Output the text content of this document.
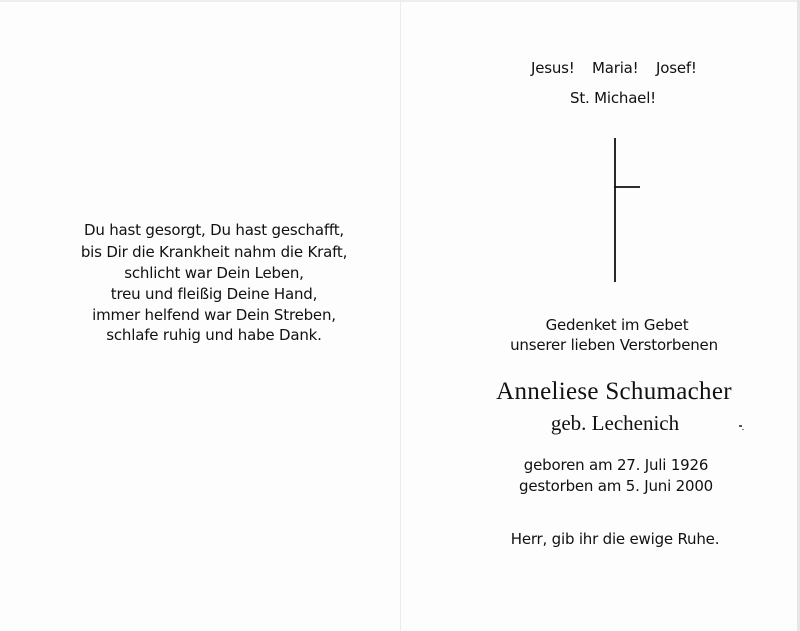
Du hast gesorgt, Du hast geschafft,
bis Dir die Krankheit nahm die Kraft,
schlicht war Dein Leben,
treu und fleißig Deine Hand,
immer helfend war Dein Streben,
schlafe ruhig und habe Dank.
Jesus! Maria! Josef!
St. Michael!
Gedenket im Gebet
unserer lieben Verstorbenen
Anneliese Schumacher
geb. Lechenich
geboren am 27. Juli 1926
gestorben am 5. Juni 2000
Herr, gib ihr die ewige Ruhe.
